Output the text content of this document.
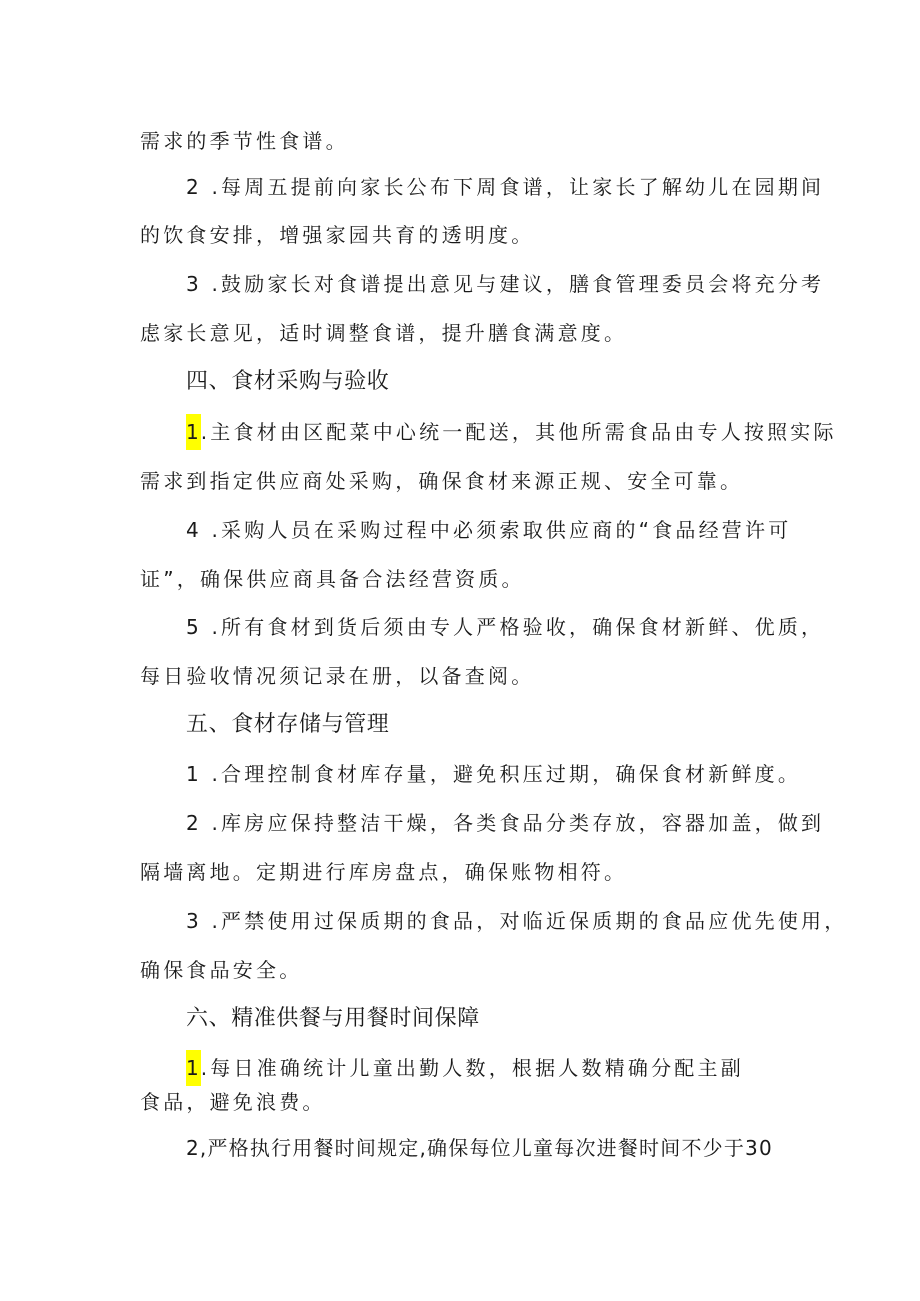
需求的季节性食谱。
2 .每周五提前向家长公布下周食谱，让家长了解幼儿在园期间
的饮食安排，增强家园共育的透明度。
3 .鼓励家长对食谱提出意见与建议，膳食管理委员会将充分考
虑家长意见，适时调整食谱，提升膳食满意度。
四、食材采购与验收
1 .主食材由区配菜中心统一配送，其他所需食品由专人按照实际
需求到指定供应商处采购，确保食材来源正规、安全可靠。
4 .采购人员在采购过程中必须索取供应商的“食品经营许可
证”，确保供应商具备合法经营资质。
5 .所有食材到货后须由专人严格验收，确保食材新鲜、优质，
每日验收情况须记录在册，以备查阅。
五、食材存储与管理
1 .合理控制食材库存量，避免积压过期，确保食材新鲜度。
2 .库房应保持整洁干燥，各类食品分类存放，容器加盖，做到
隔墙离地。定期进行库房盘点，确保账物相符。
3 .严禁使用过保质期的食品，对临近保质期的食品应优先使用，
确保食品安全。
六、精准供餐与用餐时间保障
1 .每日准确统计儿童出勤人数，根据人数精确分配主副
食品，避免浪费。
2,严格执行用餐时间规定,确保每位儿童每次进餐时间不少于30
